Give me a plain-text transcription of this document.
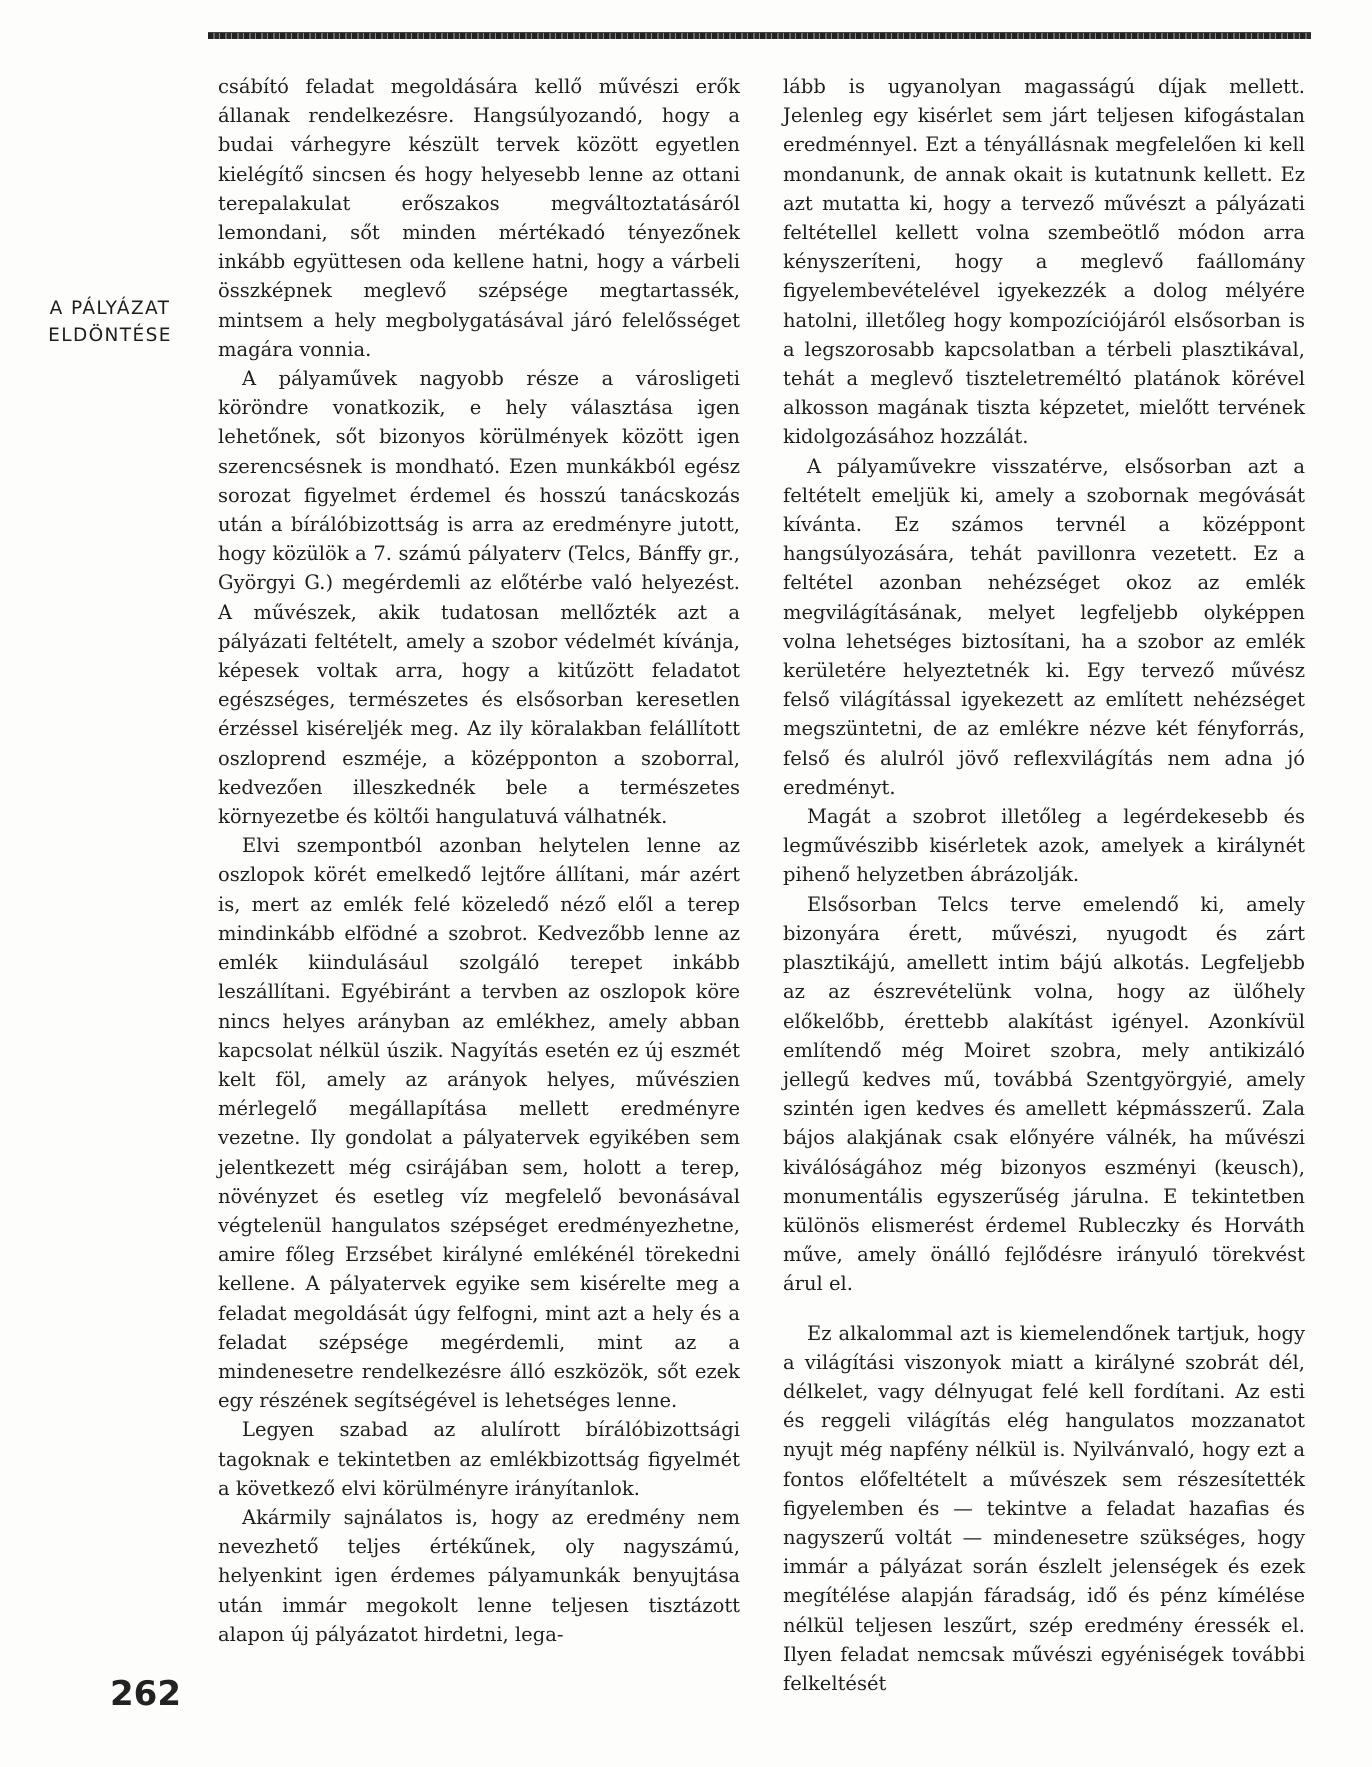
A PÁLYÁZAT ELDÖNTÉSE

csábító feladat megoldására kellő művészi erők állanak rendelkezésre. Hangsúlyozandó, hogy a budai várhegyre készült tervek között egyetlen kielégítő sincsen és hogy helyesebb lenne az ottani terepalakulat erőszakos megváltoztatásáról lemondani, sőt minden mértékadó tényezőnek inkább együttesen oda kellene hatni, hogy a várbeli összképnek meglevő szépsége megtartassék, mintsem a hely megbolygatásával járó felelősséget magára vonnia.

A pályaművek nagyobb része a városligeti köröndre vonatkozik, e hely választása igen lehetőnek, sőt bizonyos körülmények között igen szerencsésnek is mondható. Ezen munkákból egész sorozat figyelmet érdemel és hosszú tanácskozás után a bírálóbizottság is arra az eredményre jutott, hogy közülök a 7. számú pályaterv (Telcs, Bánffy gr., Györgyi G.) megérdemli az előtérbe való helyezést. A művészek, akik tudatosan mellőzték azt a pályázati feltételt, amely a szobor védelmét kívánja, képesek voltak arra, hogy a kitűzött feladatot egészséges, természetes és elsősorban keresetlen érzéssel kiséreljék meg. Az ily köralakban felállított oszloprend eszméje, a középponton a szoborral, kedvezően illeszkednék bele a természetes környezetbe és költői hangulatuvá válhatnék.

Elvi szempontból azonban helytelen lenne az oszlopok körét emelkedő lejtőre állítani, már azért is, mert az emlék felé közeledő néző elől a terep mindinkább elfödné a szobrot. Kedvezőbb lenne az emlék kiindulásául szolgáló terepet inkább leszállítani. Egyébiránt a tervben az oszlopok köre nincs helyes arányban az emlékhez, amely abban kapcsolat nélkül úszik. Nagyítás esetén ez új eszmét kelt föl, amely az arányok helyes, művészien mérlegelő megállapítása mellett eredményre vezetne. Ily gondolat a pályatervek egyikében sem jelentkezett még csirájában sem, holott a terep, növényzet és esetleg víz megfelelő bevonásával végtelenül hangulatos szépséget eredményezhetne, amire főleg Erzsébet királyné emlékénél törekedni kellene. A pályatervek egyike sem kisérelte meg a feladat megoldását úgy felfogni, mint azt a hely és a feladat szépsége megérdemli, mint az a mindenesetre rendelkezésre álló eszközök, sőt ezek egy részének segítségével is lehetséges lenne.

Legyen szabad az alulírott bírálóbizottsági tagoknak e tekintetben az emlékbizottság figyelmét a következő elvi körülményre irányítanlok.

Akármily sajnálatos is, hogy az eredmény nem nevezhető teljes értékűnek, oly nagyszámú, helyenkint igen érdemes pályamunkák benyujtása után immár megokolt lenne teljesen tisztázott alapon új pályázatot hirdetni, lega-

lább is ugyanolyan magasságú díjak mellett. Jelenleg egy kisérlet sem járt teljesen kifogástalan eredménnyel. Ezt a tényállásnak megfelelően ki kell mondanunk, de annak okait is kutatnunk kellett. Ez azt mutatta ki, hogy a tervező művészt a pályázati feltétellel kellett volna szembeötlő módon arra kényszeríteni, hogy a meglevő faállomány figyelembevételével igyekezzék a dolog mélyére hatolni, illetőleg hogy kompozíciójáról elsősorban is a legszorosabb kapcsolatban a térbeli plasztikával, tehát a meglevő tiszteletreméltó platánok körével alkosson magának tiszta képzetet, mielőtt tervének kidolgozásához hozzálát.

A pályaművekre visszatérve, elsősorban azt a feltételt emeljük ki, amely a szobornak megóvását kívánta. Ez számos tervnél a középpont hangsúlyozására, tehát pavillonra vezetett. Ez a feltétel azonban nehézséget okoz az emlék megvilágításának, melyet legfeljebb olyképpen volna lehetséges biztosítani, ha a szobor az emlék kerületére helyeztetnék ki. Egy tervező művész felső világítással igyekezett az említett nehézséget megszüntetni, de az emlékre nézve két fényforrás, felső és alulról jövő reflexvilágítás nem adna jó eredményt.

Magát a szobrot illetőleg a legérdekesebb és legművészibb kisérletek azok, amelyek a királynét pihenő helyzetben ábrázolják.

Elsősorban Telcs terve emelendő ki, amely bizonyára érett, művészi, nyugodt és zárt plasztikájú, amellett intim bájú alkotás. Legfeljebb az az észrevételünk volna, hogy az ülőhely előkelőbb, érettebb alakítást igényel. Azonkívül említendő még Moiret szobra, mely antikizáló jellegű kedves mű, továbbá Szentgyörgyié, amely szintén igen kedves és amellett képmásszerű. Zala bájos alakjának csak előnyére válnék, ha művészi kiválóságához még bizonyos eszményi (keusch), monumentális egyszerűség járulna. E tekintetben különös elismerést érdemel Rubleczky és Horváth műve, amely önálló fejlődésre irányuló törekvést árul el.

Ez alkalommal azt is kiemelendőnek tartjuk, hogy a világítási viszonyok miatt a királyné szobrát dél, délkelet, vagy délnyugat felé kell fordítani. Az esti és reggeli világítás elég hangulatos mozzanatot nyujt még napfény nélkül is. Nyilvánvaló, hogy ezt a fontos előfeltételt a művészek sem részesítették figyelemben és — tekintve a feladat hazafias és nagyszerű voltát — mindenesetre szükséges, hogy immár a pályázat során észlelt jelenségek és ezek megítélése alapján fáradság, idő és pénz kímélése nélkül teljesen leszűrt, szép eredmény éressék el. Ilyen feladat nemcsak művészi egyéniségek további felkeltését

262
